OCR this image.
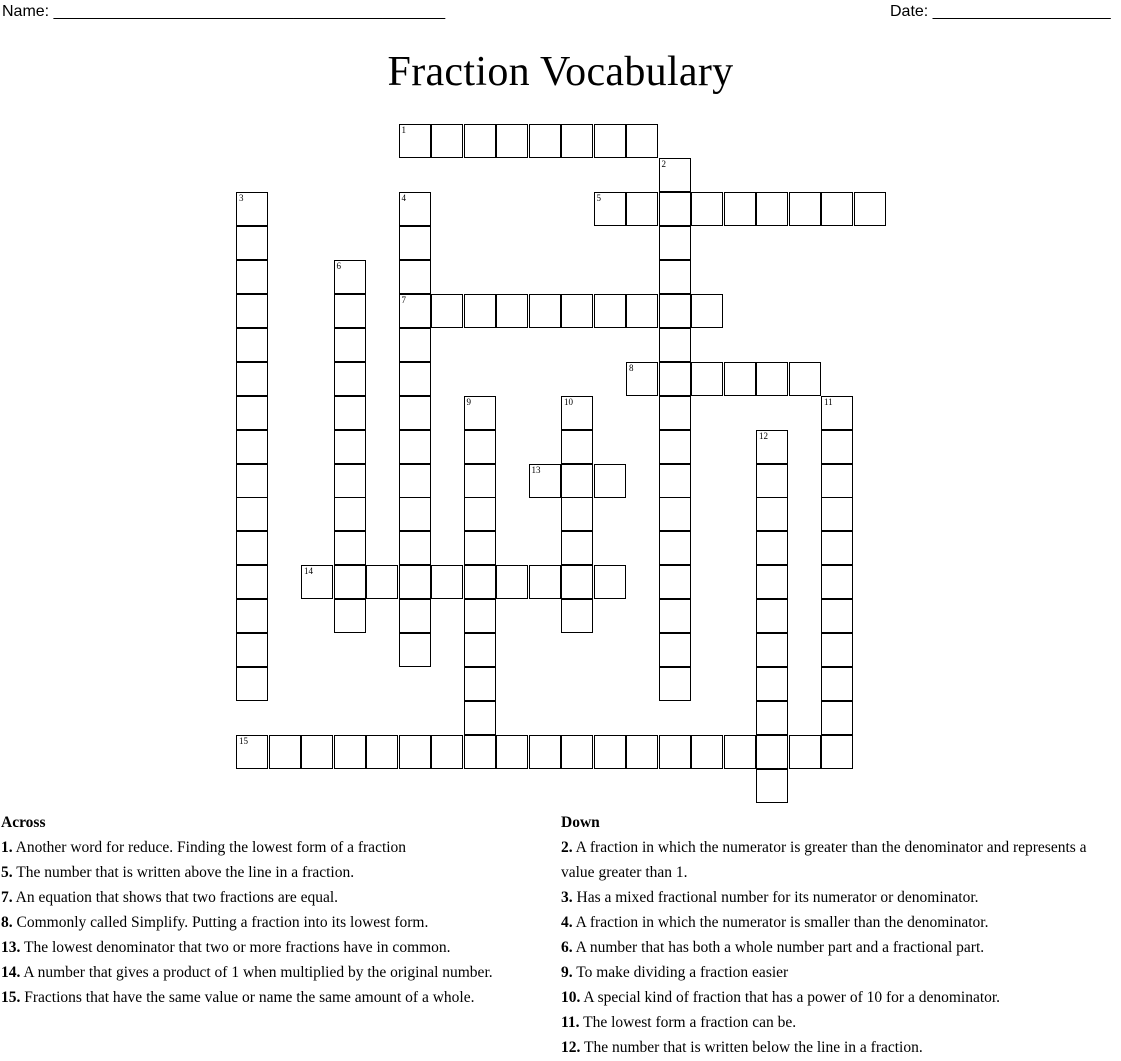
Name: ____________________________________________	Date: ____________________
Fraction Vocabulary
1
2
3	4
7
5
6
8
9	10	11
12
13
14
15
Across
1. Another word for reduce. Finding the lowest form of a fraction
5. The number that is written above the line in a fraction.
7. An equation that shows that two fractions are equal.
8. Commonly called Simplify. Putting a fraction into its lowest form.
13. The lowest denominator that two or more fractions have in common.
14. A number that gives a product of 1 when multiplied by the original number.
15. Fractions that have the same value or name the same amount of a whole.
Down
2. A fraction in which the numerator is greater than the denominator and represents a value greater than 1.
3. Has a mixed fractional number for its numerator or denominator.
4. A fraction in which the numerator is smaller than the denominator.
6. A number that has both a whole number part and a fractional part.
9. To make dividing a fraction easier
10. A special kind of fraction that has a power of 10 for a denominator.
11. The lowest form a fraction can be.
12. The number that is written below the line in a fraction.
